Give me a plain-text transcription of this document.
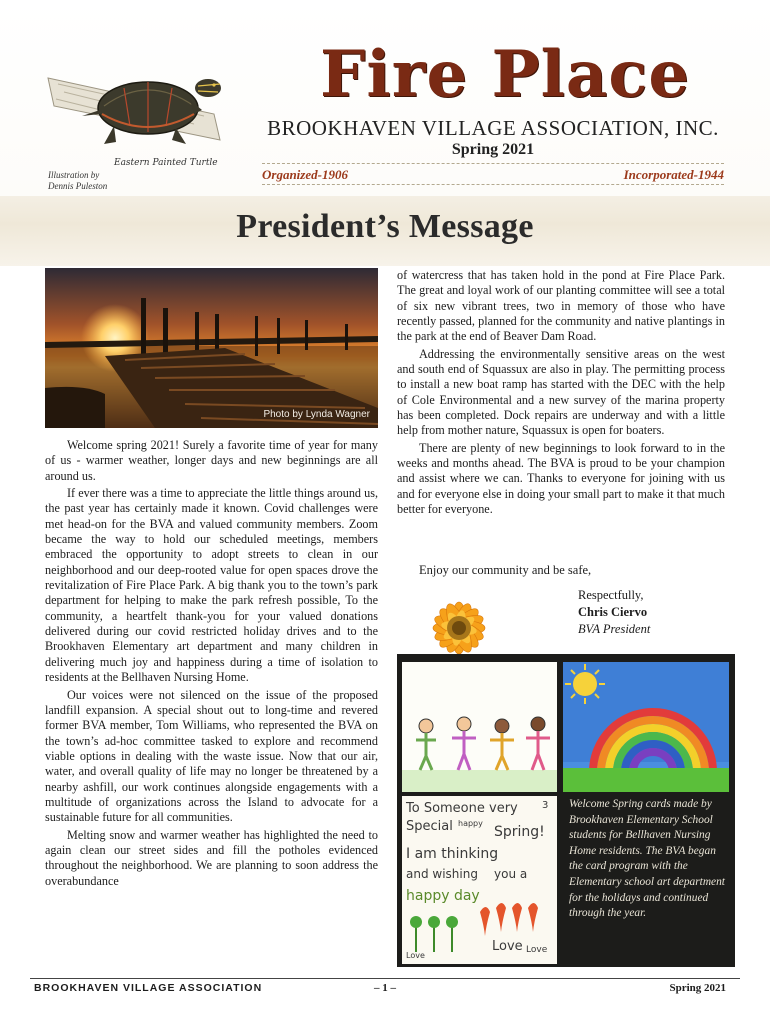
Eastern Painted Turtle
Illustration by
Dennis Puleston
Fire Place
BROOKHAVEN VILLAGE ASSOCIATION, INC.
Spring 2021
Organized-1906	Incorporated-1944
President’s Message
Photo by Lynda Wagner

Welcome spring 2021! Surely a favorite time of year for many of us - warmer weather, longer days and new beginnings are all around us.

If ever there was a time to appreciate the little things around us, the past year has certainly made it known. Covid challenges were met head-on for the BVA and valued community members. Zoom became the way to hold our scheduled meetings, members embraced the opportunity to adopt streets to clean in our neighborhood and our deep-rooted value for open spaces drove the revitalization of Fire Place Park. A big thank you to the town’s park department for helping to make the park refresh possible, To the community, a heartfelt thank-you for your valued donations delivered during our covid restricted holiday drives and to the Brookhaven Elementary art department and many children in delivering much joy and happiness during a time of isolation to residents at the Bellhaven Nursing Home.

Our voices were not silenced on the issue of the proposed landfill expansion. A special shout out to long-time and revered former BVA member, Tom Williams, who represented the BVA on the town’s ad-hoc committee tasked to explore and recommend viable options in dealing with the waste issue. Now that our air, water, and overall quality of life may no longer be threatened by a nearby ashfill, our work continues alongside engagements with a multitude of organizations across the Island to advocate for a sustainable future for all communities.

Melting snow and warmer weather has highlighted the need to again clean our street sides and fill the potholes evidenced throughout the neighborhood. We are planning to soon address the overabundance

of watercress that has taken hold in the pond at Fire Place Park. The great and loyal work of our planting committee will see a total of six new vibrant trees, two in memory of those who have recently passed, planned for the community and native plantings in the park at the end of Beaver Dam Road.

Addressing the environmentally sensitive areas on the west and south end of Squassux are also in play. The permitting process to install a new boat ramp has started with the DEC with the help of Cole Environmental and a new survey of the marina property has been completed. Dock repairs are underway and with a little help from mother nature, Squassux is open for boaters.

There are plenty of new beginnings to look forward to in the weeks and months ahead. The BVA is proud to be your champion and assist where we can. Thanks to everyone for joining with us and for everyone else in doing your small part to make it that much better for everyone.

Enjoy our community and be safe,
Respectfully,
Chris Ciervo
BVA President
To Someone very 3
Special happy
Spring!
I am thinking
and wishing you a
happy day
Love
Love Love
Welcome Spring cards made by Brookhaven Elementary School students for Bellhaven Nursing Home residents. The BVA began the card program with the Elementary school art department for the holidays and continued through the year.
BROOKHAVEN VILLAGE ASSOCIATION	– 1 –	Spring 2021
